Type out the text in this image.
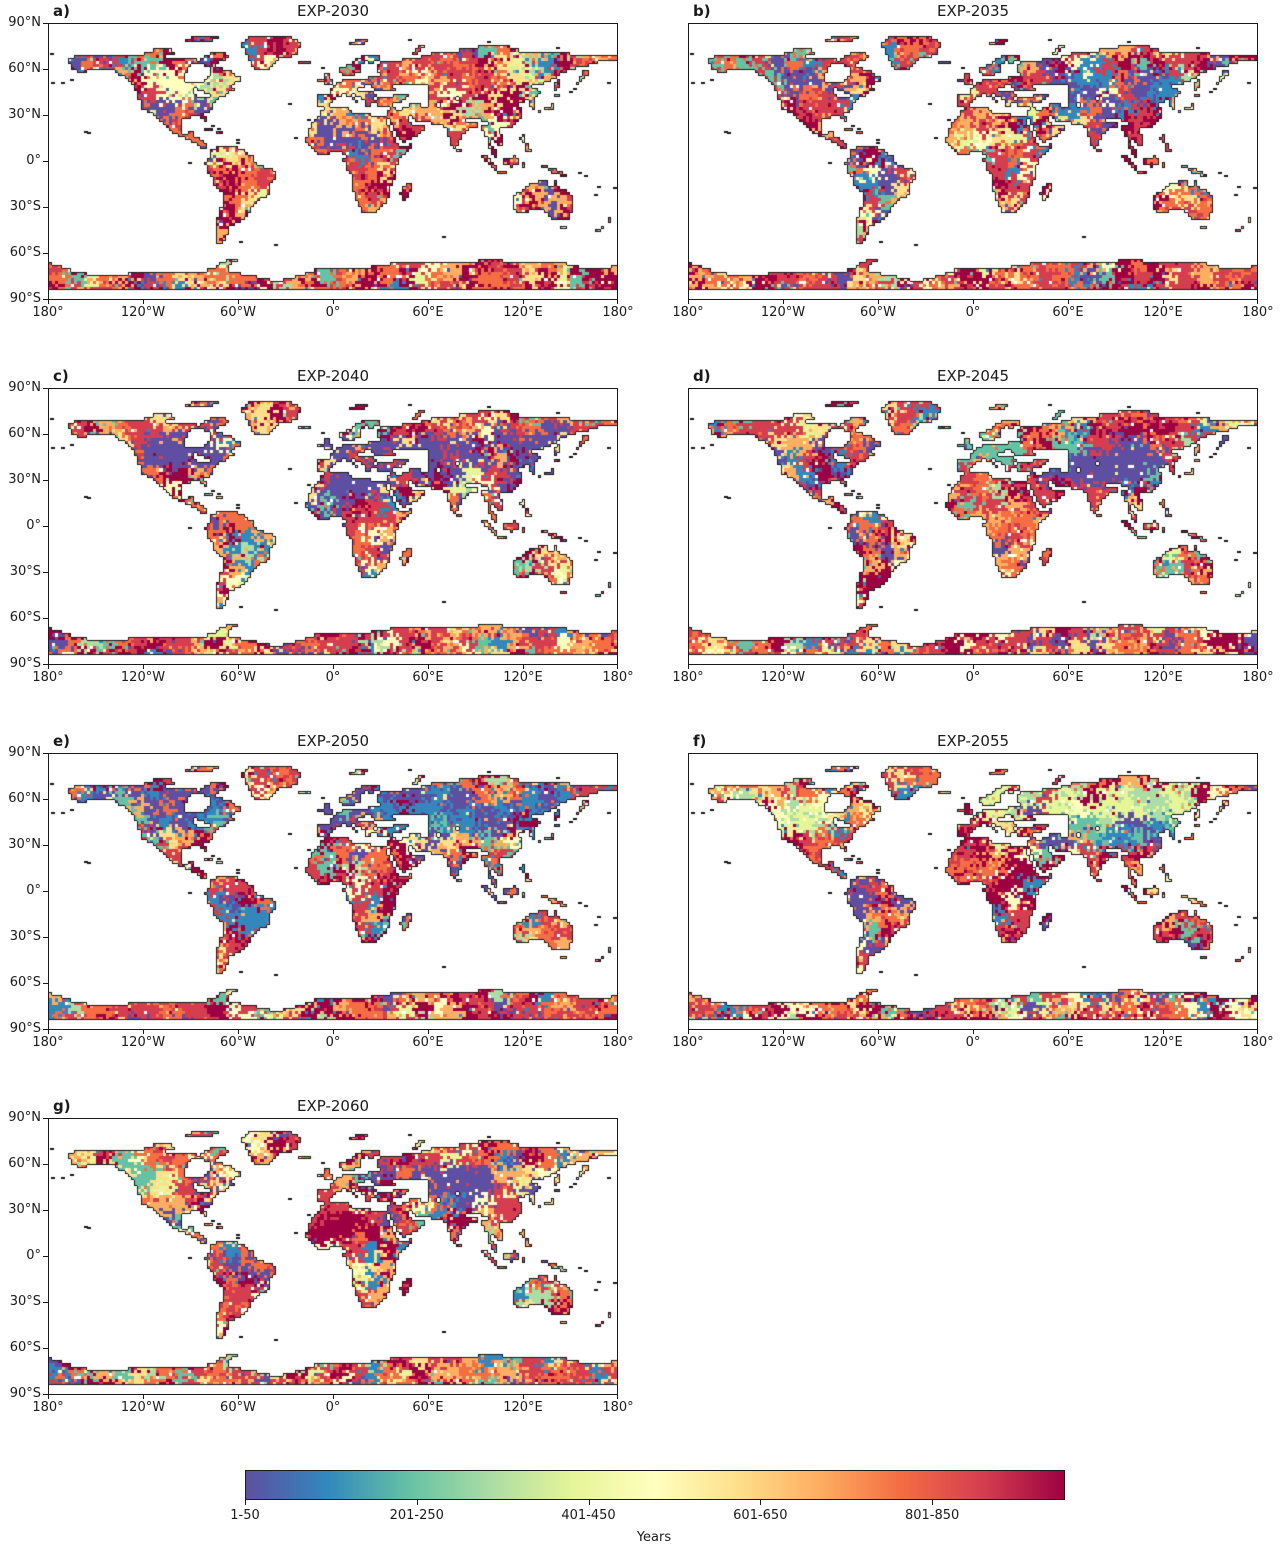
a)	EXP-2030
90°N
60°N
30°N
0°
30°S
60°S
90°S
180°	120°W	60°W	0°	60°E	120°E	180°
b)	EXP-2035
180°	120°W	60°W	0°	60°E	120°E	180°
c)	EXP-2040
90°N
60°N
30°N
0°
30°S
60°S
90°S
180°	120°W	60°W	0°	60°E	120°E	180°
d)	EXP-2045
180°	120°W	60°W	0°	60°E	120°E	180°
e)	EXP-2050
90°N
60°N
30°N
0°
30°S
60°S
90°S
180°	120°W	60°W	0°	60°E	120°E	180°
f)	EXP-2055
180°	120°W	60°W	0°	60°E	120°E	180°
g)	EXP-2060
90°N
60°N
30°N
0°
30°S
60°S
90°S
180°	120°W	60°W	0°	60°E	120°E	180°
Years
1-50	201-250	401-450	601-650	801-850
